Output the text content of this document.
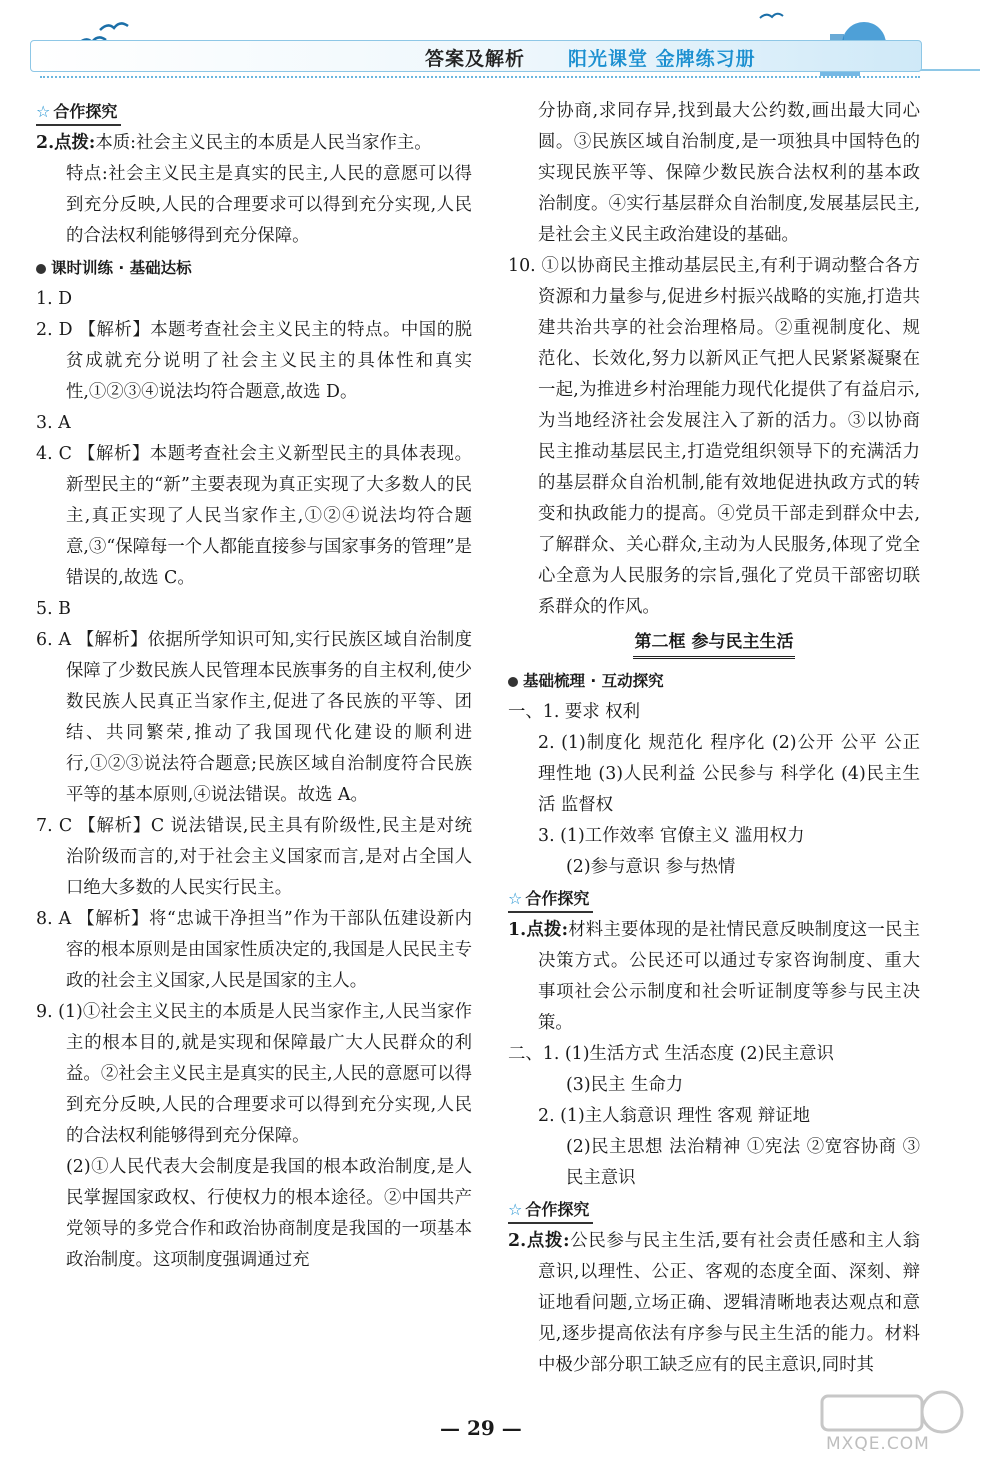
答案及解析 阳光课堂 金牌练习册
☆ 合作探究

2.点拨:本质:社会主义民主的本质是人民当家作主。

特点:社会主义民主是真实的民主,人民的意愿可以得到充分反映,人民的合理要求可以得到充分实现,人民的合法权利能够得到充分保障。

课时训练 · 基础达标

1. D

2. D 【解析】本题考查社会主义民主的特点。中国的脱贫成就充分说明了社会主义民主的具体性和真实性,①②③④说法均符合题意,故选 D。

3. A

4. C 【解析】本题考查社会主义新型民主的具体表现。新型民主的“新”主要表现为真正实现了大多数人的民主,真正实现了人民当家作主,①②④说法均符合题意,③“保障每一个人都能直接参与国家事务的管理”是错误的,故选 C。

5. B

6. A 【解析】依据所学知识可知,实行民族区域自治制度保障了少数民族人民管理本民族事务的自主权利,使少数民族人民真正当家作主,促进了各民族的平等、团结、共同繁荣,推动了我国现代化建设的顺利进行,①②③说法符合题意;民族区域自治制度符合民族平等的基本原则,④说法错误。故选 A。

7. C 【解析】C 说法错误,民主具有阶级性,民主是对统治阶级而言的,对于社会主义国家而言,是对占全国人口绝大多数的人民实行民主。

8. A 【解析】将“忠诚干净担当”作为干部队伍建设新内容的根本原则是由国家性质决定的,我国是人民民主专政的社会主义国家,人民是国家的主人。

9. (1)①社会主义民主的本质是人民当家作主,人民当家作主的根本目的,就是实现和保障最广大人民群众的利益。②社会主义民主是真实的民主,人民的意愿可以得到充分反映,人民的合理要求可以得到充分实现,人民的合法权利能够得到充分保障。

(2)①人民代表大会制度是我国的根本政治制度,是人民掌握国家政权、行使权力的根本途径。②中国共产党领导的多党合作和政治协商制度是我国的一项基本政治制度。这项制度强调通过充

分协商,求同存异,找到最大公约数,画出最大同心圆。③民族区域自治制度,是一项独具中国特色的实现民族平等、保障少数民族合法权利的基本政治制度。④实行基层群众自治制度,发展基层民主,是社会主义民主政治建设的基础。

10. ①以协商民主推动基层民主,有利于调动整合各方资源和力量参与,促进乡村振兴战略的实施,打造共建共治共享的社会治理格局。②重视制度化、规范化、长效化,努力以新风正气把人民紧紧凝聚在一起,为推进乡村治理能力现代化提供了有益启示,为当地经济社会发展注入了新的活力。③以协商民主推动基层民主,打造党组织领导下的充满活力的基层群众自治机制,能有效地促进执政方式的转变和执政能力的提高。④党员干部走到群众中去,了解群众、关心群众,主动为人民服务,体现了党全心全意为人民服务的宗旨,强化了党员干部密切联系群众的作风。

第二框 参与民主生活
基础梳理 · 互动探究

一、1. 要求 权利

2. (1)制度化 规范化 程序化 (2)公开 公平 公正 理性地 (3)人民利益 公民参与 科学化 (4)民主生活 监督权

3. (1)工作效率 官僚主义 滥用权力

(2)参与意识 参与热情

☆ 合作探究

1.点拨:材料主要体现的是社情民意反映制度这一民主决策方式。公民还可以通过专家咨询制度、重大事项社会公示制度和社会听证制度等参与民主决策。

二、1. (1)生活方式 生活态度 (2)民主意识

(3)民主 生命力

2. (1)主人翁意识 理性 客观 辩证地

(2)民主思想 法治精神 ①宪法 ②宽容协商 ③民主意识

☆ 合作探究

2.点拨:公民参与民主生活,要有社会责任感和主人翁意识,以理性、公正、客观的态度全面、深刻、辩证地看问题,立场正确、逻辑清晰地表达观点和意见,逐步提高依法有序参与民主生活的能力。材料中极少部分职工缺乏应有的民主意识,同时其

— 29 —
MXQE.COM
